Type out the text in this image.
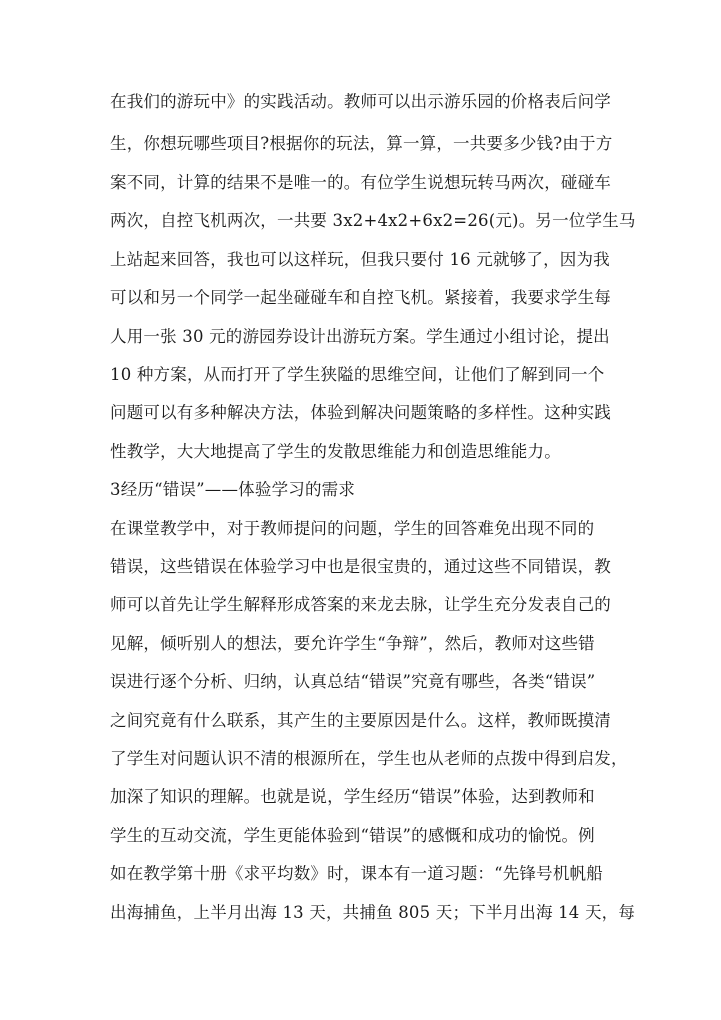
在我们的游玩中》的实践活动。教师可以出示游乐园的价格表后问学
生，你想玩哪些项目?根据你的玩法，算一算，一共要多少钱?由于方
案不同，计算的结果不是唯一的。有位学生说想玩转马两次，碰碰车
两次，自控飞机两次，一共要 3x2+4x2+6x2=26(元)。另一位学生马
上站起来回答，我也可以这样玩，但我只要付 16 元就够了，因为我
可以和另一个同学一起坐碰碰车和自控飞机。紧接着，我要求学生每
人用一张 30 元的游园券设计出游玩方案。学生通过小组讨论，提出
10 种方案，从而打开了学生狭隘的思维空间，让他们了解到同一个
问题可以有多种解决方法，体验到解决问题策略的多样性。这种实践
性教学，大大地提高了学生的发散思维能力和创造思维能力。
3经历“错误”——体验学习的需求
在课堂教学中，对于教师提问的问题，学生的回答难免出现不同的
错误，这些错误在体验学习中也是很宝贵的，通过这些不同错误，教
师可以首先让学生解释形成答案的来龙去脉，让学生充分发表自己的
见解，倾听别人的想法，要允许学生“争辩”，然后，教师对这些错
误进行逐个分析、归纳，认真总结“错误”究竟有哪些，各类“错误”
之间究竟有什么联系，其产生的主要原因是什么。这样，教师既摸清
了学生对问题认识不清的根源所在，学生也从老师的点拨中得到启发，
加深了知识的理解。也就是说，学生经历“错误”体验，达到教师和
学生的互动交流，学生更能体验到“错误”的感慨和成功的愉悦。例
如在教学第十册《求平均数》时，课本有一道习题：“先锋号机帆船
出海捕鱼，上半月出海 13 天，共捕鱼 805 天；下半月出海 14 天，每
